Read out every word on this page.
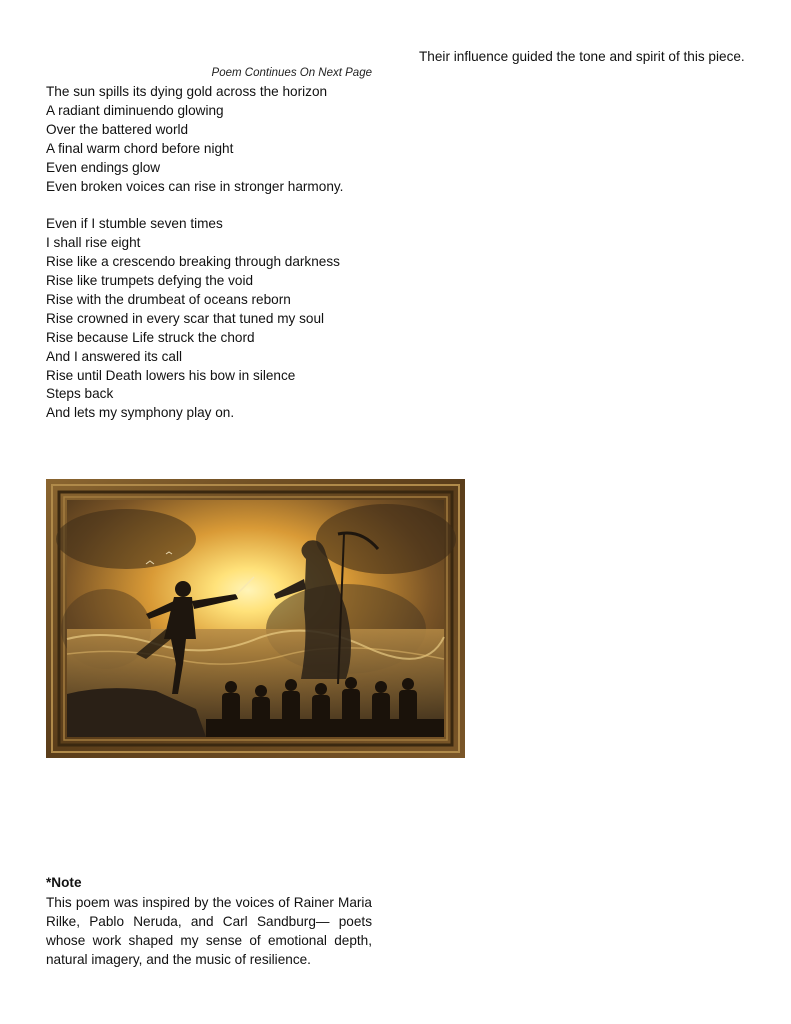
Poem Continues On Next Page
The sun spills its dying gold across the horizon
A radiant diminuendo glowing
Over the battered world
A final warm chord before night
Even endings glow
Even broken voices can rise in stronger harmony.
Even if I stumble seven times
I shall rise eight
Rise like a crescendo breaking through darkness
Rise like trumpets defying the void
Rise with the drumbeat of oceans reborn
Rise crowned in every scar that tuned my soul
Rise because Life struck the chord
And I answered its call
Rise until Death lowers his bow in silence
Steps back
And lets my symphony play on.
*Note

This poem was inspired by the voices of Rainer Maria Rilke, Pablo Neruda, and Carl Sandburg— poets whose work shaped my sense of emotional depth, natural imagery, and the music of resilience.

Their influence guided the tone and spirit of this piece.
